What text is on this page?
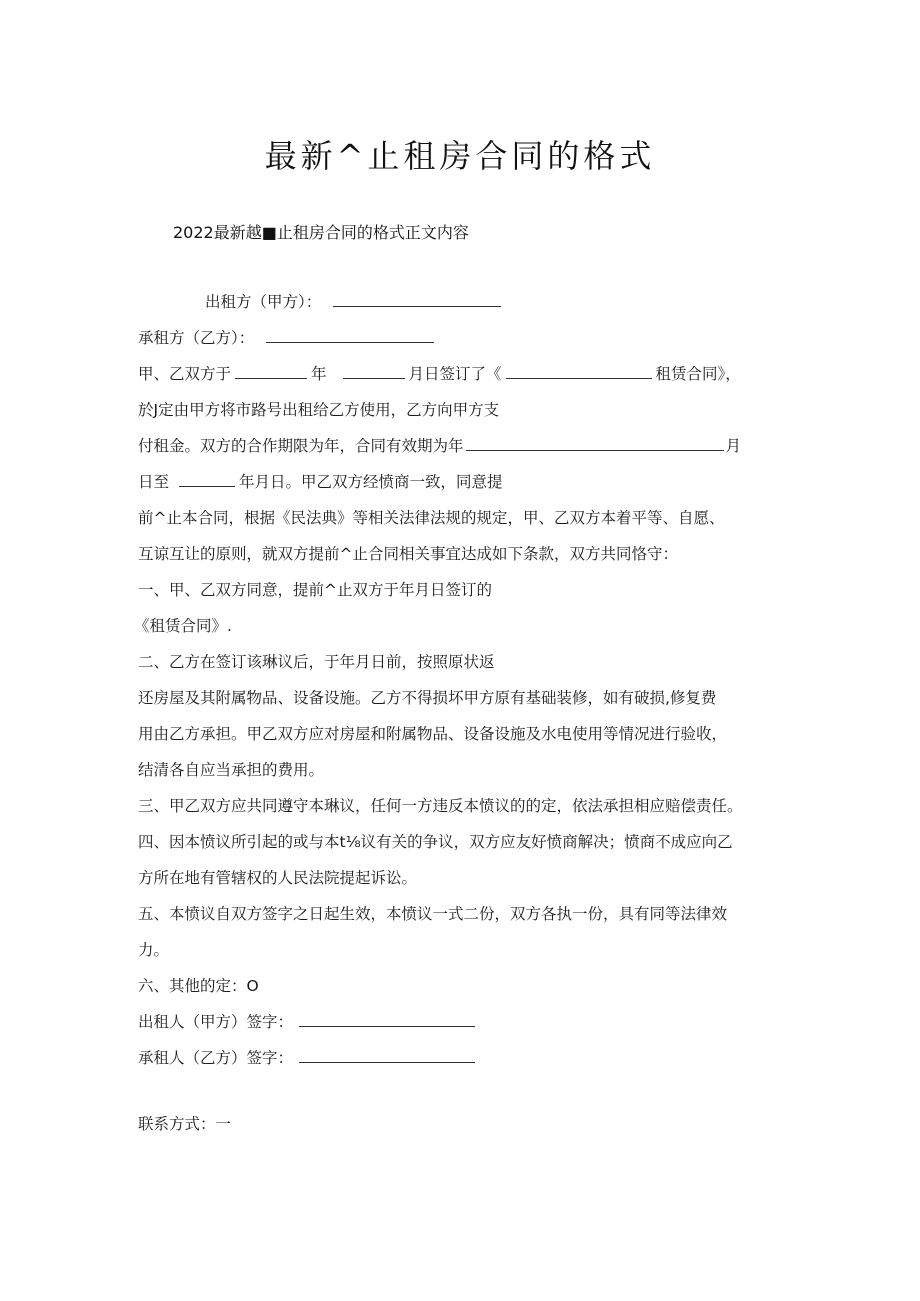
最新^止租房合同的格式
2022最新越■止租房合同的格式正文内容
出租方（甲方）：
承租方（乙方）：
甲、乙双方于	年	月日签订了《	租赁合同》，
於J定由甲方将市路号出租给乙方使用，乙方向甲方支
付租金。双方的合作期限为年，合同有效期为年	月
日至	年月日。甲乙双方经愤商一致，同意提
前^止本合同，根据《民法典》等相关法律法规的规定，甲、乙双方本着平等、自愿、
互谅互让的原则，就双方提前^止合同相关事宜达成如下条款，双方共同恪守：
一、甲、乙双方同意，提前^止双方于年月日签订的
《租赁合同》.
二、乙方在签订该琳议后，于年月日前，按照原状返
还房屋及其附属物品、设备设施。乙方不得损坏甲方原有基础装修，如有破损,修复费
用由乙方承担。甲乙双方应对房屋和附属物品、设备设施及水电使用等情况进行验收，
结清各自应当承担的费用。
三、甲乙双方应共同遵守本琳议，任何一方违反本愤议的的定，依法承担相应赔偿责任。
四、因本愤议所引起的或与本t⅛议有关的争议，双方应友好愤商解决；愤商不成应向乙
方所在地有管辖权的人民法院提起诉讼。
五、本愤议自双方签字之日起生效，本愤议一式二份，双方各执一份，具有同等法律效
力。
六、其他的定：O
出租人（甲方）签字：
承租人（乙方）签字：
联系方式：一
